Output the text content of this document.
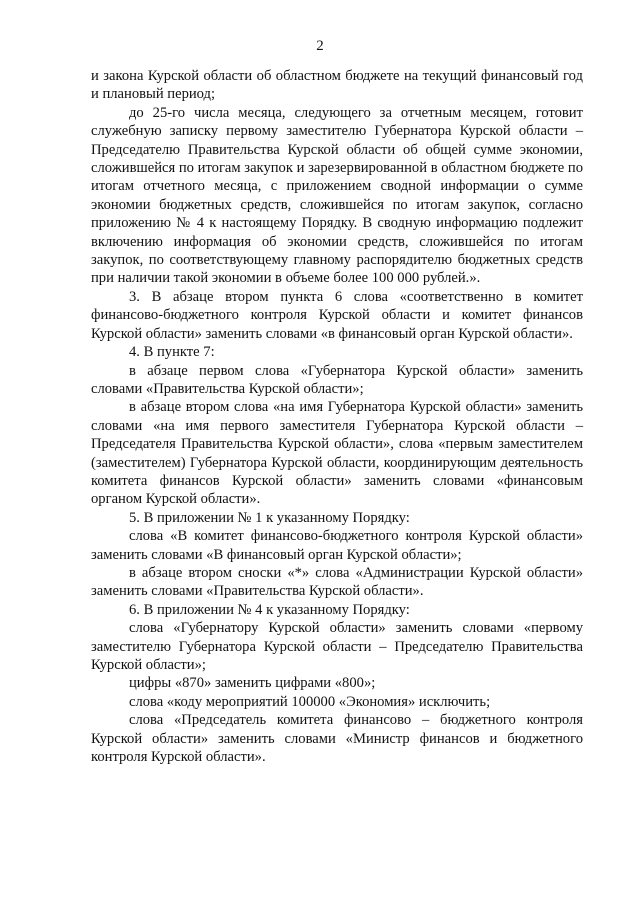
2

и закона Курской области об областном бюджете на текущий финансовый год и плановый период;

до 25-го числа месяца, следующего за отчетным месяцем, готовит служебную записку первому заместителю Губернатора Курской области – Председателю Правительства Курской области об общей сумме экономии, сложившейся по итогам закупок и зарезервированной в областном бюджете по итогам отчетного месяца, с приложением сводной информации о сумме экономии бюджетных средств, сложившейся по итогам закупок, согласно приложению № 4 к настоящему Порядку. В сводную информацию подлежит включению информация об экономии средств, сложившейся по итогам закупок, по соответствующему главному распорядителю бюджетных средств при наличии такой экономии в объеме более 100 000 рублей.».

3. В абзаце втором пункта 6 слова «соответственно в комитет финансово-бюджетного контроля Курской области и комитет финансов Курской области» заменить словами «в финансовый орган Курской области».

4. В пункте 7:

в абзаце первом слова «Губернатора Курской области» заменить словами «Правительства Курской области»;

в абзаце втором слова «на имя Губернатора Курской области» заменить словами «на имя первого заместителя Губернатора Курской области – Председателя Правительства Курской области», слова «первым заместителем (заместителем) Губернатора Курской области, координирующим деятельность комитета финансов Курской области» заменить словами «финансовым органом Курской области».

5. В приложении № 1 к указанному Порядку:

слова «В комитет финансово-бюджетного контроля Курской области» заменить словами «В финансовый орган Курской области»;

в абзаце втором сноски «*» слова «Администрации Курской области» заменить словами «Правительства Курской области».

6. В приложении № 4 к указанному Порядку:

слова «Губернатору Курской области» заменить словами «первому заместителю Губернатора Курской области – Председателю Правительства Курской области»;

цифры «870» заменить цифрами «800»;

слова «коду мероприятий 100000 «Экономия» исключить;

слова «Председатель комитета финансово – бюджетного контроля Курской области» заменить словами «Министр финансов и бюджетного контроля Курской области».
